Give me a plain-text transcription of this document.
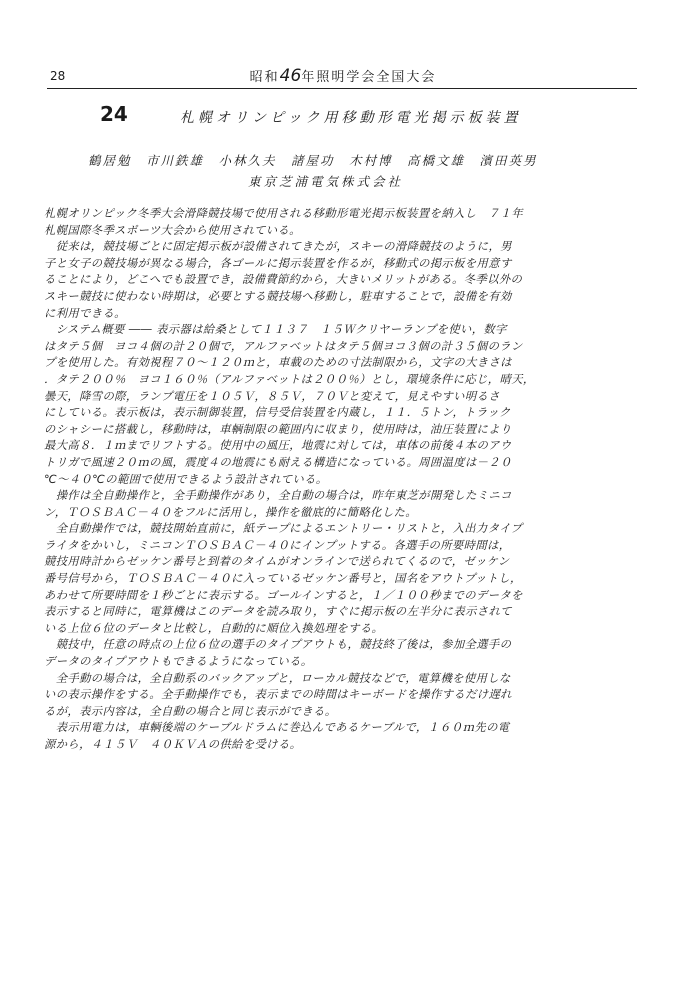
28	昭和46年照明学会全国大会
24	札幌オリンピック用移動形電光掲示板装置
鶴居勉　市川鉄雄　小林久夫　諸屋功　木村博　高橋文雄　濱田英男
東京芝浦電気株式会社
札幌オリンピック冬季大会滑降競技場で使用される移動形電光掲示板装置を納入し　７１年
札幌国際冬季スポーツ大会から使用されている。
　従来は，競技場ごとに固定掲示板が設備されてきたが，スキーの滑降競技のように，男
子と女子の競技場が異なる場合，各ゴールに掲示装置を作るが，移動式の掲示板を用意す
ることにより，どこへでも設置でき，設備費節約から，大きいメリットがある。冬季以外の
スキー競技に使わない時期は，必要とする競技場へ移動し，駐車することで，設備を有効
に利用できる。
　システム概要 ―― 表示器は給桑として１１３７　１５Ｗクリヤーランプを使い，数字
はタテ５個　ヨコ４個の計２０個で，アルファベットはタテ５個ヨコ３個の計３５個のラン
プを使用した。有効視程７０～１２０ｍと，車載のための寸法制限から，文字の大きさは
．タテ２００％　ヨコ１６０％（アルファベットは２００％）とし，環境条件に応じ，晴天，
曇天，降雪の際，ランプ電圧を１０５Ｖ，８５Ｖ，７０Ｖと変えて，見えやすい明るさ
にしている。表示板は，表示制御装置，信号受信装置を内蔵し，１１．５トン，トラック
のシャシーに搭載し，移動時は，車輌制限の範囲内に収まり，使用時は，油圧装置により
最大高８．１ｍまでリフトする。使用中の風圧，地震に対しては，車体の前後４本のアウ
トリガで風速２０ｍの風，震度４の地震にも耐える構造になっている。周囲温度は－２０
℃～４０℃の範囲で使用できるよう設計されている。
　操作は全自動操作と，全手動操作があり，全自動の場合は，昨年東芝が開発したミニコ
ン，ＴＯＳＢＡＣ－４０をフルに活用し，操作を徹底的に簡略化した。
　全自動操作では，競技開始直前に，紙テープによるエントリー・リストと，入出力タイプ
ライタをかいし，ミニコンＴＯＳＢＡＣ－４０にインプットする。各選手の所要時間は，
競技用時計からゼッケン番号と到着のタイムがオンラインで送られてくるので，ゼッケン
番号信号から，ＴＯＳＢＡＣ－４０に入っているゼッケン番号と，国名をアウトプットし，
あわせて所要時間を１秒ごとに表示する。ゴールインすると，１／１００秒までのデータを
表示すると同時に，電算機はこのデータを読み取り，すぐに掲示板の左半分に表示されて
いる上位６位のデータと比較し，自動的に順位入換処理をする。
　競技中，任意の時点の上位６位の選手のタイプアウトも，競技終了後は，参加全選手の
データのタイプアウトもできるようになっている。
　全手動の場合は，全自動系のバックアップと，ローカル競技などで，電算機を使用しな
いの表示操作をする。全手動操作でも，表示までの時間はキーボードを操作するだけ遅れ
るが，表示内容は，全自動の場合と同じ表示ができる。
　表示用電力は，車輌後端のケーブルドラムに巻込んであるケーブルで，１６０ｍ先の電
源から，４１５Ｖ　４０ＫＶＡの供給を受ける。
